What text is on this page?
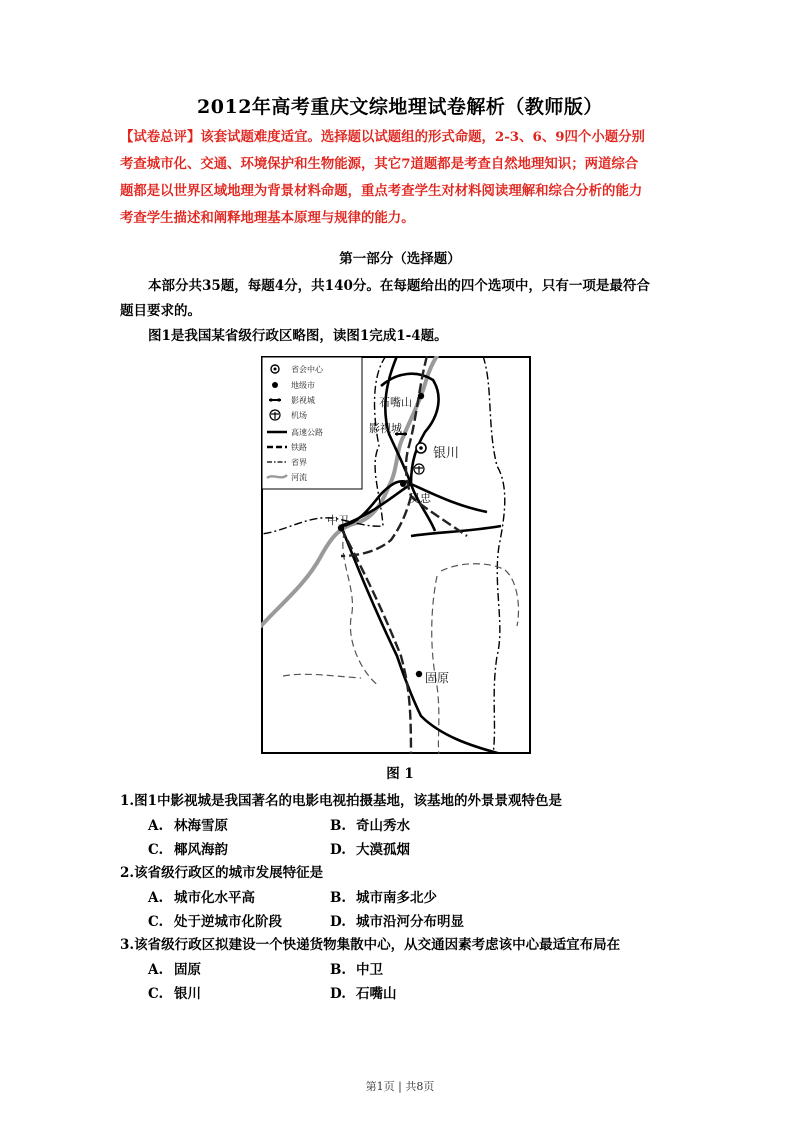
2012年高考重庆文综地理试卷解析（教师版）

【试卷总评】该套试题难度适宜。选择题以试题组的形式命题，2-3、6、9四个小题分别

考查城市化、交通、环境保护和生物能源，其它7道题都是考查自然地理知识；两道综合

题都是以世界区域地理为背景材料命题，重点考查学生对材料阅读理解和综合分析的能力

考查学生描述和阐释地理基本原理与规律的能力。

第一部分（选择题）
本部分共35题，每题4分，共140分。在每题给出的四个选项中，只有一项是最符合
题目要求的。
图1是我国某省级行政区略图，读图1完成1-4题。
省会中心
地级市
影视城
机场
高速公路
铁路
省界
河流
石嘴山
影视城
银川
吴忠
中卫
固原
图 1
1.图1中影视城是我国著名的电影电视拍摄基地，该基地的外景景观特色是
A. 林海雪原	B. 奇山秀水
C. 椰风海韵	D. 大漠孤烟
2.该省级行政区的城市发展特征是
A. 城市化水平高	B. 城市南多北少
C. 处于逆城市化阶段	D. 城市沿河分布明显
3.该省级行政区拟建设一个快递货物集散中心，从交通因素考虑该中心最适宜布局在
A. 固原	B. 中卫
C. 银川	D. 石嘴山
第1页 | 共8页
